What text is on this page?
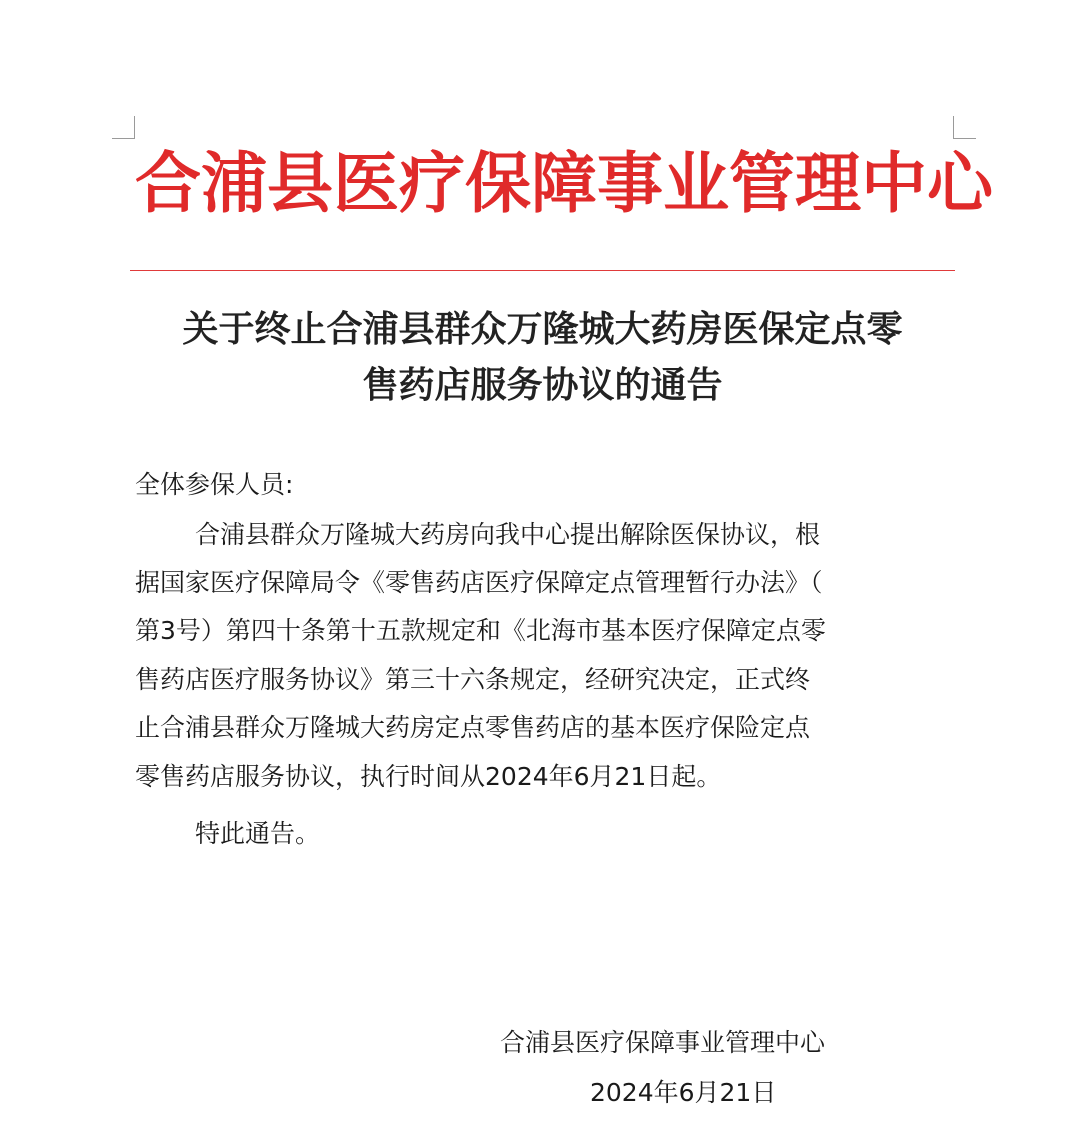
合浦县医疗保障事业管理中心
关于终止合浦县群众万隆城大药房医保定点零
售药店服务协议的通告
全体参保人员:
合浦县群众万隆城大药房向我中心提出解除医保协议，根
据国家医疗保障局令《零售药店医疗保障定点管理暂行办法》（
第3号）第四十条第十五款规定和《北海市基本医疗保障定点零
售药店医疗服务协议》第三十六条规定，经研究决定，正式终
止合浦县群众万隆城大药房定点零售药店的基本医疗保险定点
零售药店服务协议，执行时间从2024年6月21日起。
特此通告。
合浦县医疗保障事业管理中心
2024年6月21日
